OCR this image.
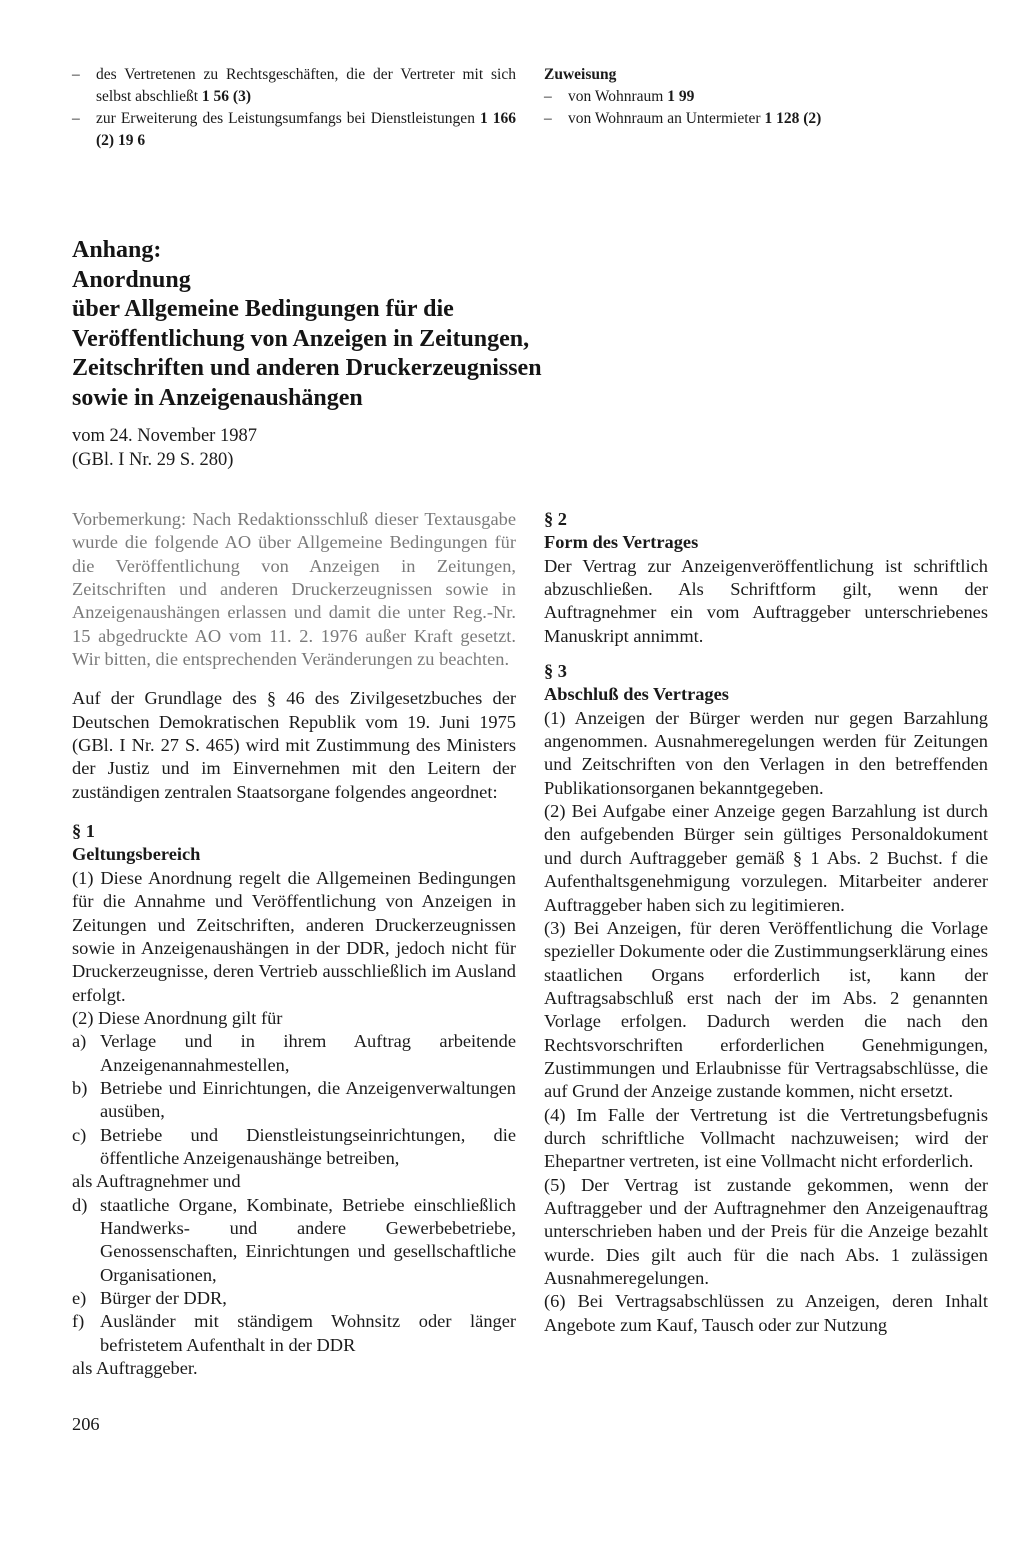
– des Vertretenen zu Rechtsgeschäften, die der Vertreter mit sich selbst abschließt 1 56 (3)

– zur Erweiterung des Leistungsumfangs bei Dienstleistungen 1 166 (2) 19 6

Zuweisung

– von Wohnraum 1 99

– von Wohnraum an Untermieter 1 128 (2)

Anhang:
Anordnung
über Allgemeine Bedingungen für die
Veröffentlichung von Anzeigen in Zeitungen,
Zeitschriften und anderen Druckerzeugnissen
sowie in Anzeigenaushängen
vom 24. November 1987
(GBl. I Nr. 29 S. 280)

Vorbemerkung: Nach Redaktionsschluß dieser Textausgabe wurde die folgende AO über Allgemeine Bedingungen für die Veröffentlichung von Anzeigen in Zeitungen, Zeitschriften und anderen Druckerzeugnissen sowie in Anzeigenaushängen erlassen und damit die unter Reg.-Nr. 15 abgedruckte AO vom 11. 2. 1976 außer Kraft gesetzt. Wir bitten, die entsprechenden Veränderungen zu beachten.

Auf der Grundlage des § 46 des Zivilgesetzbuches der Deutschen Demokratischen Republik vom 19. Juni 1975 (GBl. I Nr. 27 S. 465) wird mit Zustimmung des Ministers der Justiz und im Einvernehmen mit den Leitern der zuständigen zentralen Staatsorgane folgendes angeordnet:

§ 1

Geltungsbereich

(1) Diese Anordnung regelt die Allgemeinen Bedingungen für die Annahme und Veröffentlichung von Anzeigen in Zeitungen und Zeitschriften, anderen Druckerzeugnissen sowie in Anzeigenaushängen in der DDR, jedoch nicht für Druckerzeugnisse, deren Vertrieb ausschließlich im Ausland erfolgt.

(2) Diese Anordnung gilt für

a) Verlage und in ihrem Auftrag arbeitende Anzeigenannahmestellen,
b) Betriebe und Einrichtungen, die Anzeigenverwaltungen ausüben,
c) Betriebe und Dienstleistungseinrichtungen, die öffentliche Anzeigenaushänge betreiben,

als Auftragnehmer und

d) staatliche Organe, Kombinate, Betriebe einschließlich Handwerks- und andere Gewerbebetriebe, Genossenschaften, Einrichtungen und gesellschaftliche Organisationen,
e) Bürger der DDR,
f) Ausländer mit ständigem Wohnsitz oder länger befristetem Aufenthalt in der DDR

als Auftraggeber.

206

§ 2

Form des Vertrages

Der Vertrag zur Anzeigenveröffentlichung ist schriftlich abzuschließen. Als Schriftform gilt, wenn der Auftragnehmer ein vom Auftraggeber unterschriebenes Manuskript annimmt.

§ 3

Abschluß des Vertrages

(1) Anzeigen der Bürger werden nur gegen Barzahlung angenommen. Ausnahmeregelungen werden für Zeitungen und Zeitschriften von den Verlagen in den betreffenden Publikationsorganen bekanntgegeben.

(2) Bei Aufgabe einer Anzeige gegen Barzahlung ist durch den aufgebenden Bürger sein gültiges Personaldokument und durch Auftraggeber gemäß § 1 Abs. 2 Buchst. f die Aufenthaltsgenehmigung vorzulegen. Mitarbeiter anderer Auftraggeber haben sich zu legitimieren.

(3) Bei Anzeigen, für deren Veröffentlichung die Vorlage spezieller Dokumente oder die Zustimmungserklärung eines staatlichen Organs erforderlich ist, kann der Auftragsabschluß erst nach der im Abs. 2 genannten Vorlage erfolgen. Dadurch werden die nach den Rechtsvorschriften erforderlichen Genehmigungen, Zustimmungen und Erlaubnisse für Vertragsabschlüsse, die auf Grund der Anzeige zustande kommen, nicht ersetzt.

(4) Im Falle der Vertretung ist die Vertretungsbefugnis durch schriftliche Vollmacht nachzuweisen; wird der Ehepartner vertreten, ist eine Vollmacht nicht erforderlich.

(5) Der Vertrag ist zustande gekommen, wenn der Auftraggeber und der Auftragnehmer den Anzeigenauftrag unterschrieben haben und der Preis für die Anzeige bezahlt wurde. Dies gilt auch für die nach Abs. 1 zulässigen Ausnahmeregelungen.

(6) Bei Vertragsabschlüssen zu Anzeigen, deren Inhalt Angebote zum Kauf, Tausch oder zur Nutzung
